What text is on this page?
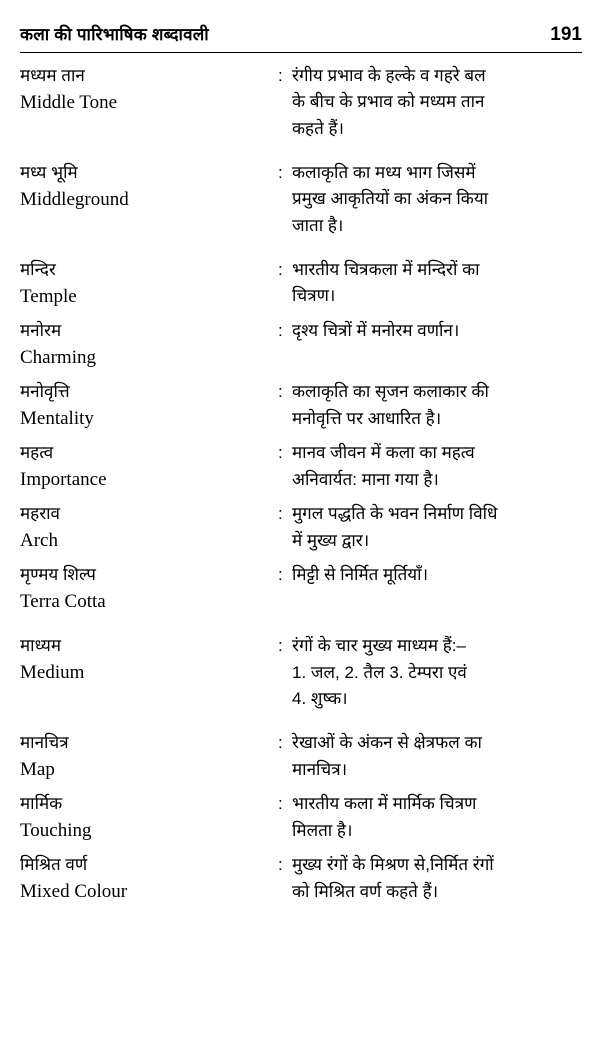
कला की पारिभाषिक शब्दावली	191
मध्यम तान
Middle Tone
: रंगीय प्रभाव के हल्के व गहरे बल
के बीच के प्रभाव को मध्यम तान
कहते हैं।
मध्य भूमि
Middleground
: कलाकृति का मध्य भाग जिसमें
प्रमुख आकृतियों का अंकन किया
जाता है।
मन्दिर
Temple
: भारतीय चित्रकला में मन्दिरों का
चित्रण।
मनोरम
Charming
: दृश्य चित्रों में मनोरम वर्णान।
मनोवृत्ति
Mentality
: कलाकृति का सृजन कलाकार की
मनोवृत्ति पर आधारित है।
महत्व
Importance
: मानव जीवन में कला का महत्व
अनिवार्यत: माना गया है।
महराव
Arch
: मुगल पद्धति के भवन निर्माण विधि
में मुख्य द्वार।
मृण्मय शिल्प
Terra Cotta
: मिट्टी से निर्मित मूर्तियाँ।
माध्यम
Medium
: रंगों के चार मुख्य माध्यम हैं:–
1. जल, 2. तैल 3. टेम्परा एवं
4. शुष्क।
मानचित्र
Map
: रेखाओं के अंकन से क्षेत्रफल का
मानचित्र।
मार्मिक
Touching
: भारतीय कला में मार्मिक चित्रण
मिलता है।
मिश्रित वर्ण
Mixed Colour
: मुख्य रंगों के मिश्रण से,निर्मित रंगों
को मिश्रित वर्ण कहते हैं।
